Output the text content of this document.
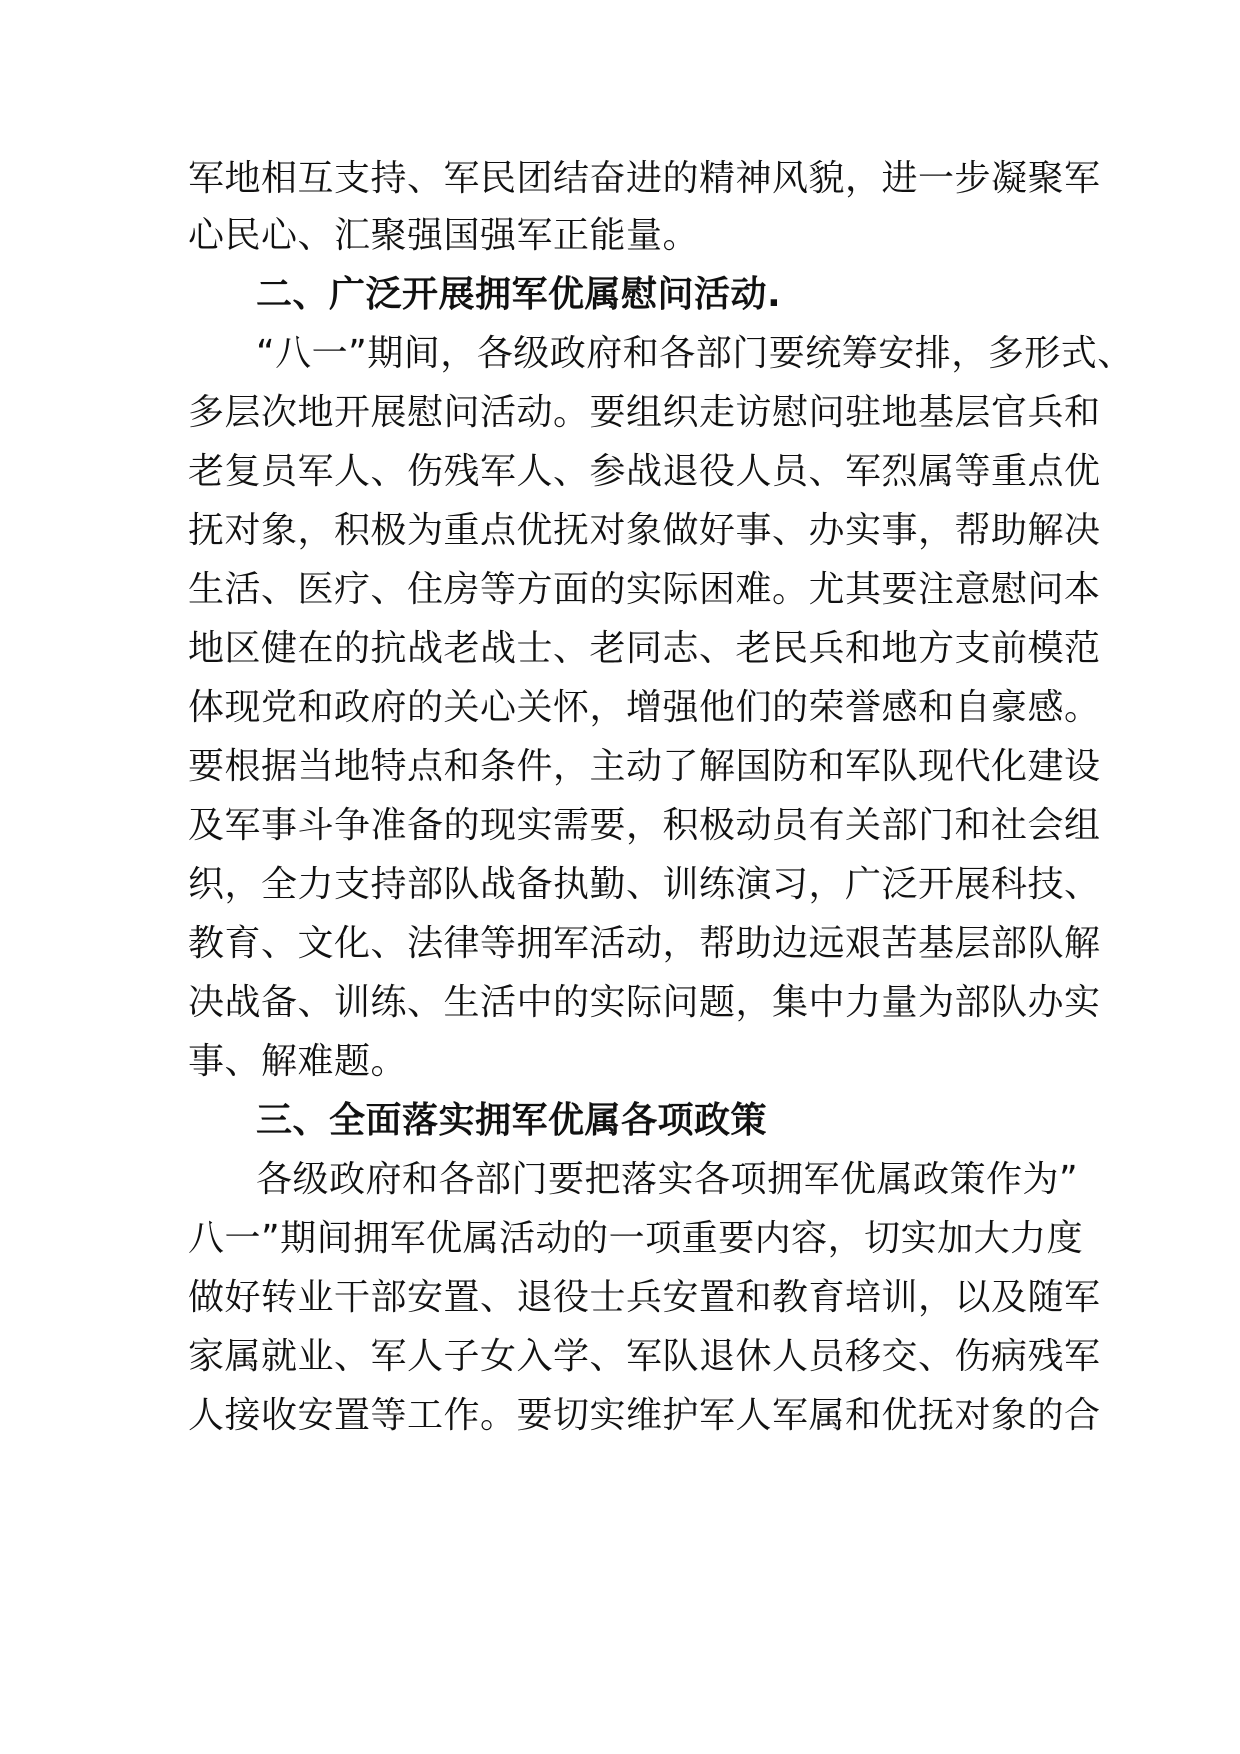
军地相互支持、军民团结奋进的精神风貌，进一步凝聚军
心民心、汇聚强国强军正能量。
二、广泛开展拥军优属慰问活动.
“八一”期间，各级政府和各部门要统筹安排，多形式、
多层次地开展慰问活动。要组织走访慰问驻地基层官兵和
老复员军人、伤残军人、参战退役人员、军烈属等重点优
抚对象，积极为重点优抚对象做好事、办实事，帮助解决
生活、医疗、住房等方面的实际困难。尤其要注意慰问本
地区健在的抗战老战士、老同志、老民兵和地方支前模范
体现党和政府的关心关怀，增强他们的荣誉感和自豪感。
要根据当地特点和条件，主动了解国防和军队现代化建设
及军事斗争准备的现实需要，积极动员有关部门和社会组
织，全力支持部队战备执勤、训练演习，广泛开展科技、
教育、文化、法律等拥军活动，帮助边远艰苦基层部队解
决战备、训练、生活中的实际问题，集中力量为部队办实
事、解难题。
三、全面落实拥军优属各项政策
各级政府和各部门要把落实各项拥军优属政策作为”
八一”期间拥军优属活动的一项重要内容，切实加大力度
做好转业干部安置、退役士兵安置和教育培训，以及随军
家属就业、军人子女入学、军队退休人员移交、伤病残军
人接收安置等工作。要切实维护军人军属和优抚对象的合
